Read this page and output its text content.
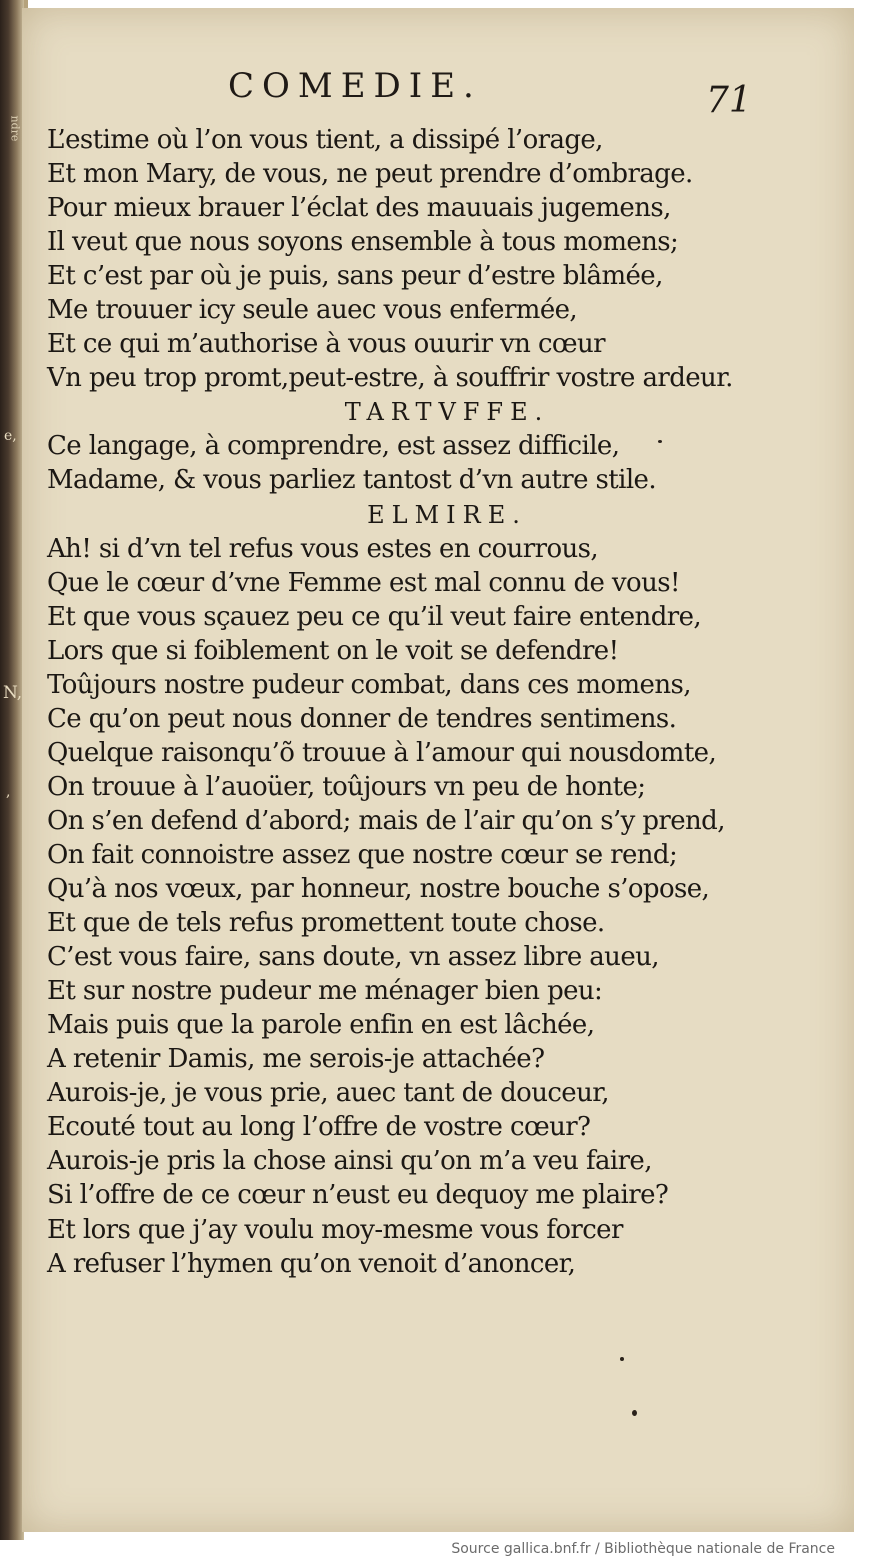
ndre
e,
N,
,
COMEDIE.	71
L’estime où l’on vous tient, a dissipé l’orage,
Et mon Mary, de vous, ne peut prendre d’ombrage.
Pour mieux brauer l’éclat des mauuais jugemens,
Il veut que nous soyons ensemble à tous momens;
Et c’est par où je puis, sans peur d’estre blâmée,
Me trouuer icy seule auec vous enfermée,
Et ce qui m’authorise à vous ouurir vn cœur
Vn peu trop promt,peut-estre, à souffrir vostre ardeur.
TARTVFFE.
Ce langage, à comprendre, est assez difficile,
Madame, & vous parliez tantost d’vn autre stile.
ELMIRE.
Ah! si d’vn tel refus vous estes en courrous,
Que le cœur d’vne Femme est mal connu de vous!
Et que vous sçauez peu ce qu’il veut faire entendre,
Lors que si foiblement on le voit se defendre!
Toûjours nostre pudeur combat, dans ces momens,
Ce qu’on peut nous donner de tendres sentimens.
Quelque raisonqu’õ trouue à l’amour qui nousdomte,
On trouue à l’auoüer, toûjours vn peu de honte;
On s’en defend d’abord; mais de l’air qu’on s’y prend,
On fait connoistre assez que nostre cœur se rend;
Qu’à nos vœux, par honneur, nostre bouche s’opose,
Et que de tels refus promettent toute chose.
C’est vous faire, sans doute, vn assez libre aueu,
Et sur nostre pudeur me ménager bien peu:
Mais puis que la parole enfin en est lâchée,
A retenir Damis, me serois-je attachée?
Aurois-je, je vous prie, auec tant de douceur,
Ecouté tout au long l’offre de vostre cœur?
Aurois-je pris la chose ainsi qu’on m’a veu faire,
Si l’offre de ce cœur n’eust eu dequoy me plaire?
Et lors que j’ay voulu moy-mesme vous forcer
A refuser l’hymen qu’on venoit d’anoncer,
Source gallica.bnf.fr / Bibliothèque nationale de France
